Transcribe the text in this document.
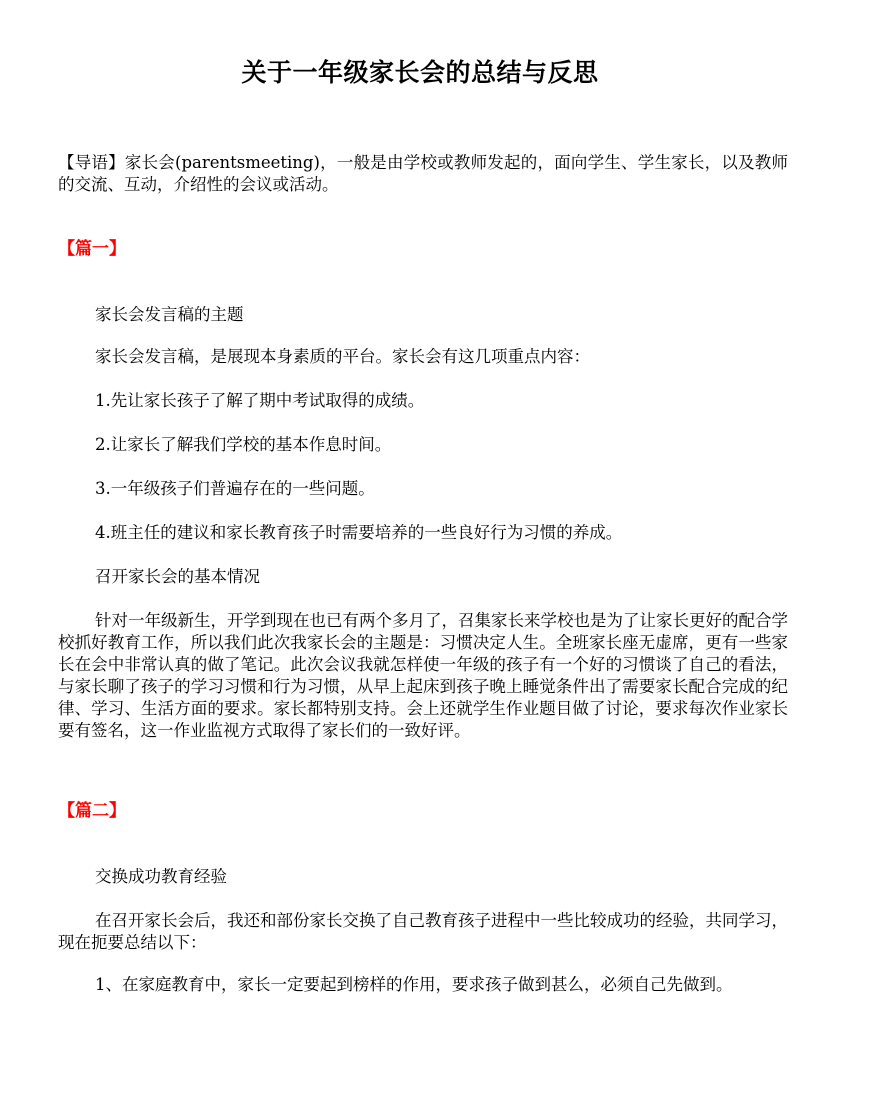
关于一年级家长会的总结与反思

【导语】家长会(parentsmeeting)，一般是由学校或教师发起的，面向学生、学生家长，以及教师的交流、互动，介绍性的会议或活动。

【篇一】

家长会发言稿的主题

家长会发言稿，是展现本身素质的平台。家长会有这几项重点内容：

1.先让家长孩子了解了期中考试取得的成绩。

2.让家长了解我们学校的基本作息时间。

3.一年级孩子们普遍存在的一些问题。

4.班主任的建议和家长教育孩子时需要培养的一些良好行为习惯的养成。

召开家长会的基本情况

针对一年级新生，开学到现在也已有两个多月了，召集家长来学校也是为了让家长更好的配合学校抓好教育工作，所以我们此次我家长会的主题是：习惯决定人生。全班家长座无虚席，更有一些家长在会中非常认真的做了笔记。此次会议我就怎样使一年级的孩子有一个好的习惯谈了自己的看法，与家长聊了孩子的学习习惯和行为习惯，从早上起床到孩子晚上睡觉条件出了需要家长配合完成的纪律、学习、生活方面的要求。家长都特别支持。会上还就学生作业题目做了讨论，要求每次作业家长要有签名，这一作业监视方式取得了家长们的一致好评。

【篇二】

交换成功教育经验

在召开家长会后，我还和部份家长交换了自己教育孩子进程中一些比较成功的经验，共同学习，现在扼要总结以下：

1、在家庭教育中，家长一定要起到榜样的作用，要求孩子做到甚么，必须自己先做到。
